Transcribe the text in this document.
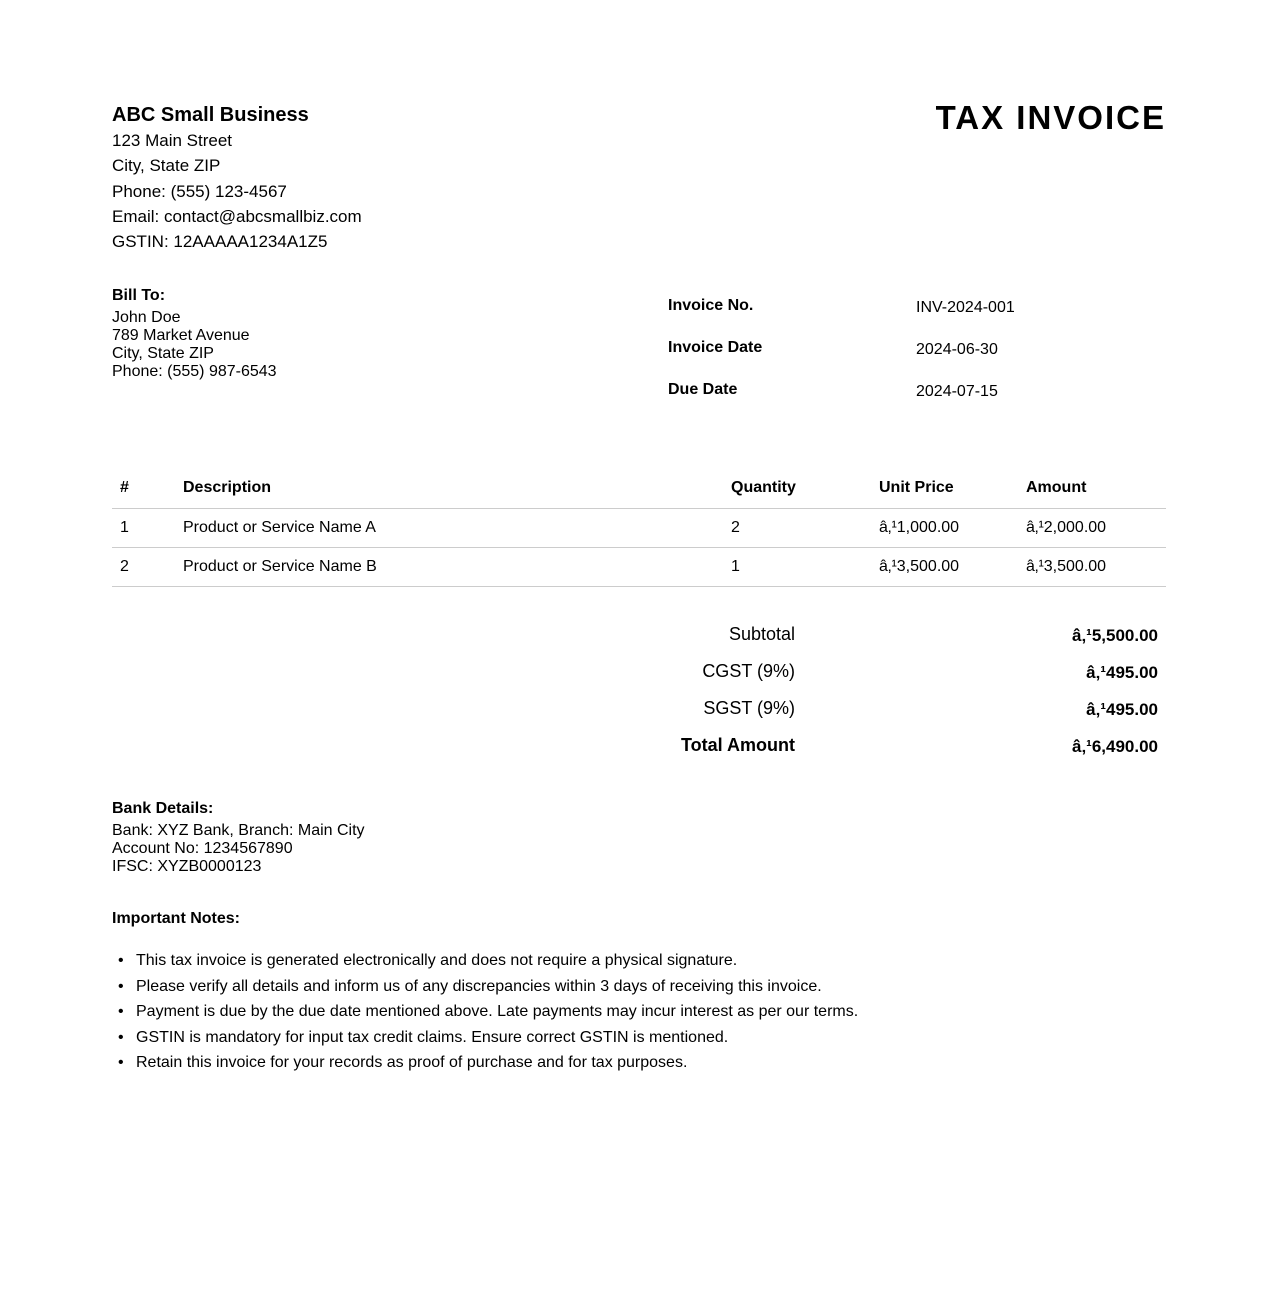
ABC Small Business
123 Main Street
City, State ZIP
Phone: (555) 123-4567
Email: contact@abcsmallbiz.com
GSTIN: 12AAAAA1234A1Z5
TAX INVOICE
Bill To:
John Doe
789 Market Avenue
City, State ZIP
Phone: (555) 987-6543
Invoice No.	INV-2024-001
Invoice Date	2024-06-30
Due Date	2024-07-15
#	Description	Quantity	Unit Price	Amount
1	Product or Service Name A	2	â‚¹1,000.00	â‚¹2,000.00
2	Product or Service Name B	1	â‚¹3,500.00	â‚¹3,500.00
Subtotal	â‚¹5,500.00
CGST (9%)	â‚¹495.00
SGST (9%)	â‚¹495.00
Total Amount	â‚¹6,490.00
Bank Details:
Bank: XYZ Bank, Branch: Main City
Account No: 1234567890
IFSC: XYZB0000123
Important Notes:
• This tax invoice is generated electronically and does not require a physical signature.
• Please verify all details and inform us of any discrepancies within 3 days of receiving this invoice.
• Payment is due by the due date mentioned above. Late payments may incur interest as per our terms.
• GSTIN is mandatory for input tax credit claims. Ensure correct GSTIN is mentioned.
• Retain this invoice for your records as proof of purchase and for tax purposes.
